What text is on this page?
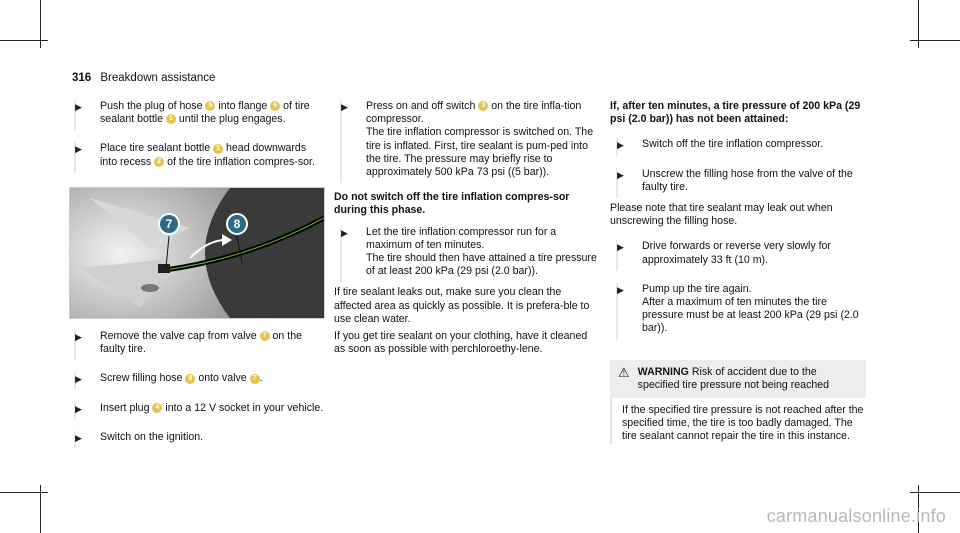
316 Breakdown assistance
▶	Push the plug of hose 5 into flange 6 of tire sealant bottle 1 until the plug engages.

▶	Place tire sealant bottle 1 head downwards into recess 2 of the tire inflation compres-sor.

7	8
▶	Remove the valve cap from valve 7 on the faulty tire.

▶	Screw filling hose 8 onto valve 7 .

▶	Insert plug 4 into a 12 V socket in your vehicle.

▶	Switch on the ignition.

▶	Press on and off switch 3 on the tire infla-tion compressor.
The tire inflation compressor is switched on. The tire is inflated. First, tire sealant is pum-ped into the tire. The pressure may briefly rise to approximately 500 kPa 73 psi ((5 bar)).

Do not switch off the tire inflation compres-sor during this phase.
▶	Let the tire inflation compressor run for a maximum of ten minutes.
The tire should then have attained a tire pressure of at least 200 kPa (29 psi (2.0 bar)).

If tire sealant leaks out, make sure you clean the affected area as quickly as possible. It is prefera-ble to use clean water.
If you get tire sealant on your clothing, have it cleaned as soon as possible with perchloroethy-lene.
If, after ten minutes, a tire pressure of 200 kPa (29 psi (2.0 bar)) has not been attained:
▶	Switch off the tire inflation compressor.

▶	Unscrew the filling hose from the valve of the faulty tire.

Please note that tire sealant may leak out when unscrewing the filling hose.
▶	Drive forwards or reverse very slowly for approximately 33 ft (10 m).

▶	Pump up the tire again.
After a maximum of ten minutes the tire pressure must be at least 200 kPa (29 psi (2.0 bar)).

⚠ WARNING Risk of accident due to the specified tire pressure not being reached
If the specified tire pressure is not reached after the specified time, the tire is too badly damaged. The tire sealant cannot repair the tire in this instance.
carmanualsonline.info
